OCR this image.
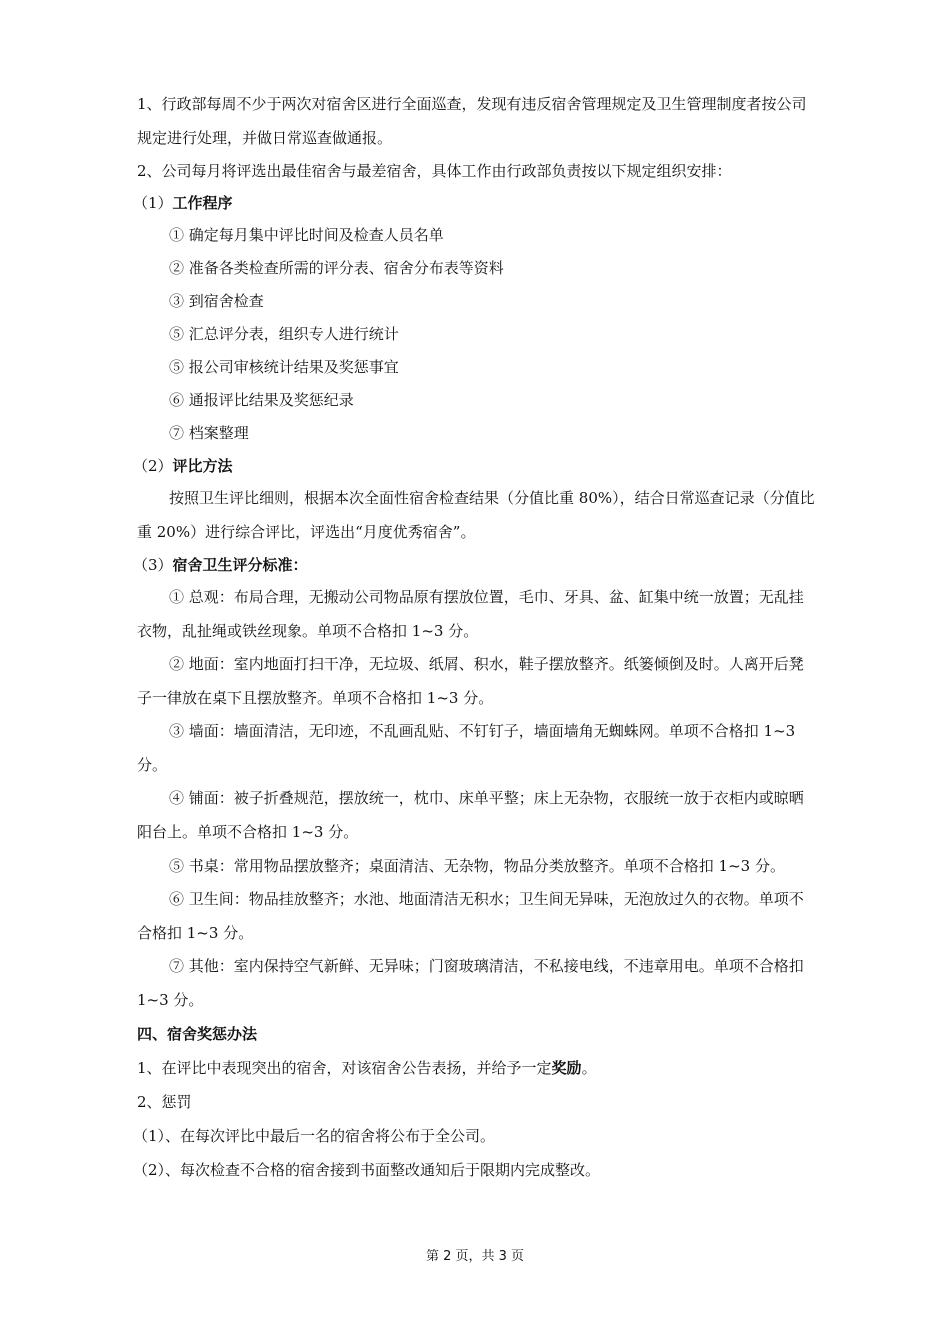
1、行政部每周不少于两次对宿舍区进行全面巡查，发现有违反宿舍管理规定及卫生管理制度者按公司规定进行处理，并做日常巡查做通报。

2、公司每月将评选出最佳宿舍与最差宿舍，具体工作由行政部负责按以下规定组织安排：

（1）工作程序

① 确定每月集中评比时间及检查人员名单

② 准备各类检查所需的评分表、宿舍分布表等资料

③ 到宿舍检查

⑤ 汇总评分表，组织专人进行统计

⑤ 报公司审核统计结果及奖惩事宜

⑥ 通报评比结果及奖惩纪录

⑦ 档案整理

（2）评比方法

按照卫生评比细则，根据本次全面性宿舍检查结果（分值比重 80%），结合日常巡查记录（分值比重 20%）进行综合评比，评选出“月度优秀宿舍”。

（3）宿舍卫生评分标准：

① 总观：布局合理，无搬动公司物品原有摆放位置，毛巾、牙具、盆、缸集中统一放置；无乱挂衣物，乱扯绳或铁丝现象。单项不合格扣 1~3 分。

② 地面：室内地面打扫干净，无垃圾、纸屑、积水，鞋子摆放整齐。纸篓倾倒及时。人离开后凳子一律放在桌下且摆放整齐。单项不合格扣 1~3 分。

③ 墙面：墙面清洁，无印迹，不乱画乱贴、不钉钉子，墙面墙角无蜘蛛网。单项不合格扣 1~3 分。

④ 铺面：被子折叠规范，摆放统一，枕巾、床单平整；床上无杂物，衣服统一放于衣柜内或晾晒阳台上。单项不合格扣 1~3 分。

⑤ 书桌：常用物品摆放整齐；桌面清洁、无杂物，物品分类放整齐。单项不合格扣 1~3 分。

⑥ 卫生间：物品挂放整齐；水池、地面清洁无积水；卫生间无异味，无泡放过久的衣物。单项不合格扣 1~3 分。

⑦ 其他：室内保持空气新鲜、无异味；门窗玻璃清洁，不私接电线，不违章用电。单项不合格扣 1~3 分。

四、宿舍奖惩办法

1、在评比中表现突出的宿舍，对该宿舍公告表扬，并给予一定奖励。

2、惩罚

（1）、在每次评比中最后一名的宿舍将公布于全公司。

（2）、每次检查不合格的宿舍接到书面整改通知后于限期内完成整改。

第 2 页，共 3 页
